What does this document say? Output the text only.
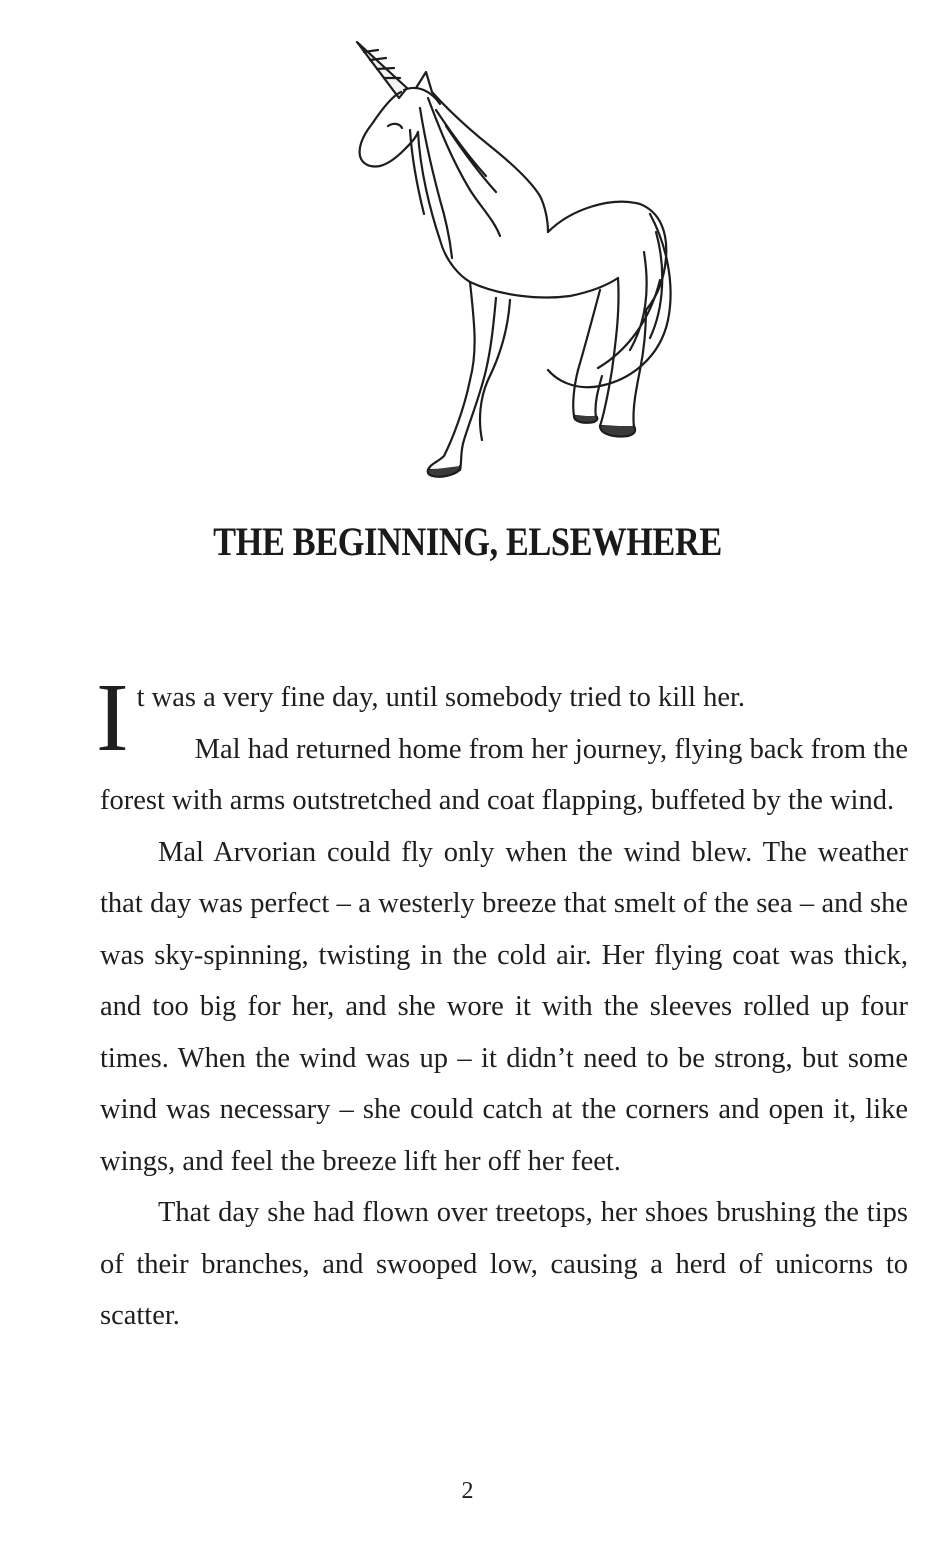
THE BEGINNING, ELSEWHERE

It was a very fine day, until somebody tried to kill her.

Mal had returned home from her journey, flying back from the forest with arms outstretched and coat flapping, buffeted by the wind.

Mal Arvorian could fly only when the wind blew. The weather that day was perfect – a westerly breeze that smelt of the sea – and she was sky-spinning, twisting in the cold air. Her flying coat was thick, and too big for her, and she wore it with the sleeves rolled up four times. When the wind was up – it didn’t need to be strong, but some wind was necessary – she could catch at the corners and open it, like wings, and feel the breeze lift her off her feet.

That day she had flown over treetops, her shoes brushing the tips of their branches, and swooped low, causing a herd of unicorns to scatter.

2
